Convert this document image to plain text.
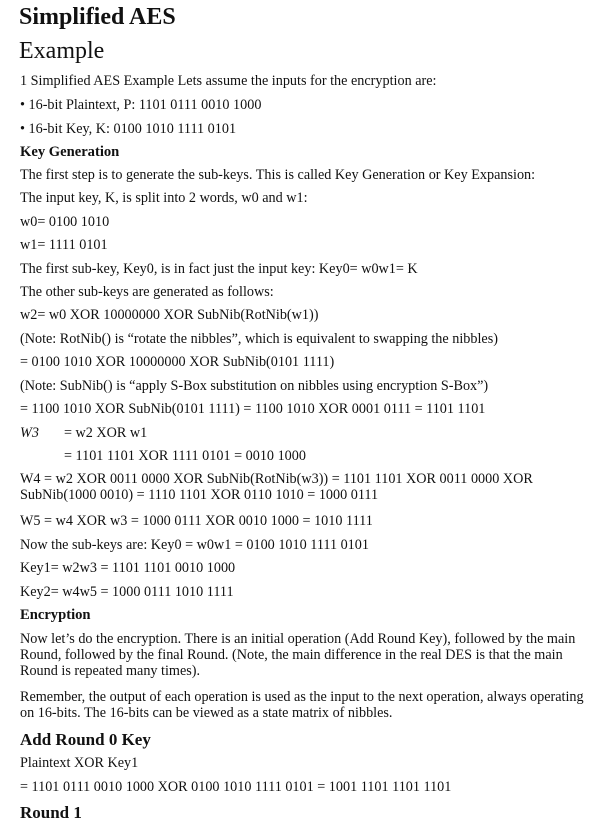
Simplified AES
Example
1 Simplified AES Example Lets assume the inputs for the encryption are:
• 16-bit Plaintext, P: 1101 0111 0010 1000
• 16-bit Key, K: 0100 1010 1111 0101
Key Generation
The first step is to generate the sub-keys. This is called Key Generation or Key Expansion:
The input key, K, is split into 2 words, w0 and w1:
w0= 0100 1010
w1= 1111 0101
The first sub-key, Key0, is in fact just the input key: Key0= w0w1= K
The other sub-keys are generated as follows:
w2= w0 XOR 10000000 XOR SubNib(RotNib(w1))
(Note: RotNib() is “rotate the nibbles”, which is equivalent to swapping the nibbles)
= 0100 1010 XOR 10000000 XOR SubNib(0101 1111)
(Note: SubNib() is “apply S-Box substitution on nibbles using encryption S-Box”)
= 1100 1010 XOR SubNib(0101 1111) = 1100 1010 XOR 0001 0111 = 1101 1101
W3 = w2 XOR w1
= 1101 1101 XOR 1111 0101 = 0010 1000
W4 = w2 XOR 0011 0000 XOR SubNib(RotNib(w3)) = 1101 1101 XOR 0011 0000 XOR SubNib(1000 0010) = 1110 1101 XOR 0110 1010 = 1000 0111
W5 = w4 XOR w3 = 1000 0111 XOR 0010 1000 = 1010 1111
Now the sub-keys are: Key0 = w0w1 = 0100 1010 1111 0101
Key1= w2w3 = 1101 1101 0010 1000
Key2= w4w5 = 1000 0111 1010 1111
Encryption
Now let’s do the encryption. There is an initial operation (Add Round Key), followed by the main Round, followed by the final Round. (Note, the main difference in the real DES is that the main Round is repeated many times).
Remember, the output of each operation is used as the input to the next operation, always operating on 16-bits. The 16-bits can be viewed as a state matrix of nibbles.
Add Round 0 Key
Plaintext XOR Key1
= 1101 0111 0010 1000 XOR 0100 1010 1111 0101 = 1001 1101 1101 1101
Round 1
